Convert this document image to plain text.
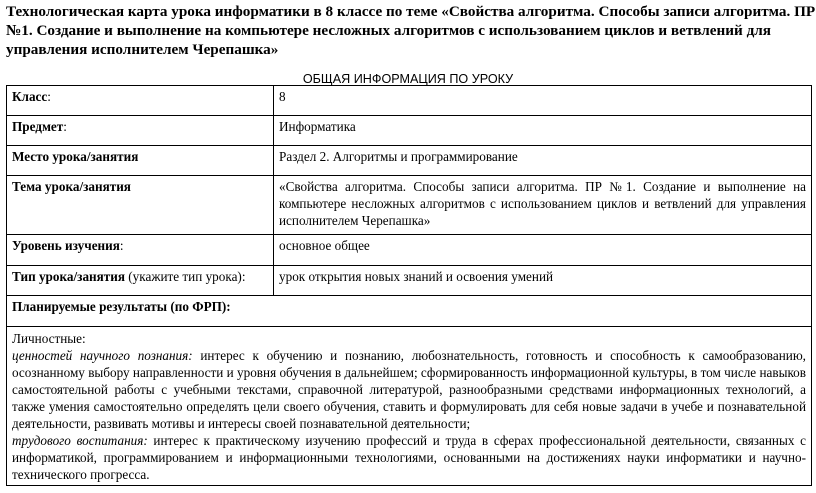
Технологическая карта урока информатики в 8 классе по теме «Свойства алгоритма. Способы записи алгоритма. ПР №1. Создание и выполнение на компьютере несложных алгоритмов с использованием циклов и ветвлений для управления исполнителем Черепашка»
ОБЩАЯ ИНФОРМАЦИЯ ПО УРОКУ
Класс:	8
Предмет:	Информатика
Место урока/занятия	Раздел 2. Алгоритмы и программирование
Тема урока/занятия	«Свойства алгоритма. Способы записи алгоритма. ПР №1. Создание и выполнение на компьютере несложных алгоритмов с использованием циклов и ветвлений для управления исполнителем Черепашка»
Уровень изучения:	основное общее
Тип урока/занятия (укажите тип урока):	урок открытия новых знаний и освоения умений
Планируемые результаты (по ФРП):	

Личностные:
ценностей научного познания: интерес к обучению и познанию, любознательность, готовность и способность к самообразованию, осознанному выбору направленности и уровня обучения в дальнейшем; сформированность информационной культуры, в том числе навыков самостоятельной работы с учебными текстами, справочной литературой, разнообразными средствами информационных технологий, а также умения самостоятельно определять цели своего обучения, ставить и формулировать для себя новые задачи в учебе и познавательной деятельности, развивать мотивы и интересы своей познавательной деятельности;
трудового воспитания: интерес к практическому изучению профессий и труда в сферах профессиональной деятельности, связанных с информатикой, программированием и информационными технологиями, основанными на достижениях науки информатики и научно-технического прогресса.	
